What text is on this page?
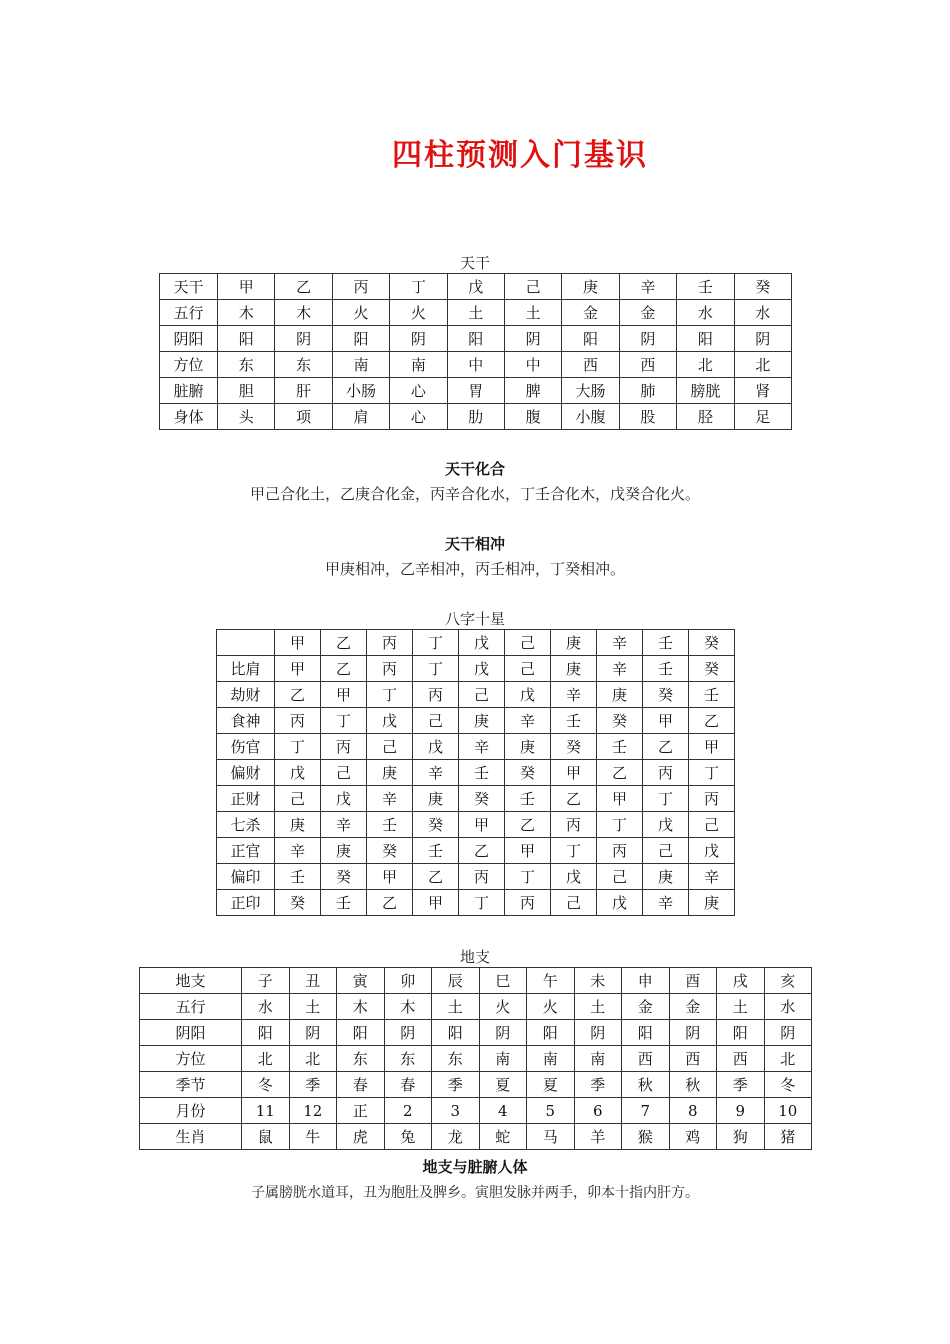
四柱预测入门基识
天干
天干	甲	乙	丙	丁	戊	己	庚	辛	壬	癸
五行	木	木	火	火	土	土	金	金	水	水
阴阳	阳	阴	阳	阴	阳	阴	阳	阴	阳	阴
方位	东	东	南	南	中	中	西	西	北	北
脏腑	胆	肝	小肠	心	胃	脾	大肠	肺	膀胱	肾
身体	头	项	肩	心	肋	腹	小腹	股	胫	足
天干化合
甲己合化土，乙庚合化金，丙辛合化水，丁壬合化木，戊癸合化火。
天干相冲
甲庚相冲，乙辛相冲，丙壬相冲，丁癸相冲。
八字十星
	甲	乙	丙	丁	戊	己	庚	辛	壬	癸
比肩	甲	乙	丙	丁	戊	己	庚	辛	壬	癸
劫财	乙	甲	丁	丙	己	戊	辛	庚	癸	壬
食神	丙	丁	戊	己	庚	辛	壬	癸	甲	乙
伤官	丁	丙	己	戊	辛	庚	癸	壬	乙	甲
偏财	戊	己	庚	辛	壬	癸	甲	乙	丙	丁
正财	己	戊	辛	庚	癸	壬	乙	甲	丁	丙
七杀	庚	辛	壬	癸	甲	乙	丙	丁	戊	己
正官	辛	庚	癸	壬	乙	甲	丁	丙	己	戊
偏印	壬	癸	甲	乙	丙	丁	戊	己	庚	辛
正印	癸	壬	乙	甲	丁	丙	己	戊	辛	庚
地支
地支	子	丑	寅	卯	辰	巳	午	未	申	酉	戌	亥
五行	水	土	木	木	土	火	火	土	金	金	土	水
阴阳	阳	阴	阳	阴	阳	阴	阳	阴	阳	阴	阳	阴
方位	北	北	东	东	东	南	南	南	西	西	西	北
季节	冬	季	春	春	季	夏	夏	季	秋	秋	季	冬
月份	11	12	正	2	3	4	5	6	7	8	9	10
生肖	鼠	牛	虎	兔	龙	蛇	马	羊	猴	鸡	狗	猪
地支与脏腑人体
子属膀胱水道耳，丑为胞肚及脾乡。寅胆发脉并两手，卯本十指内肝方。
